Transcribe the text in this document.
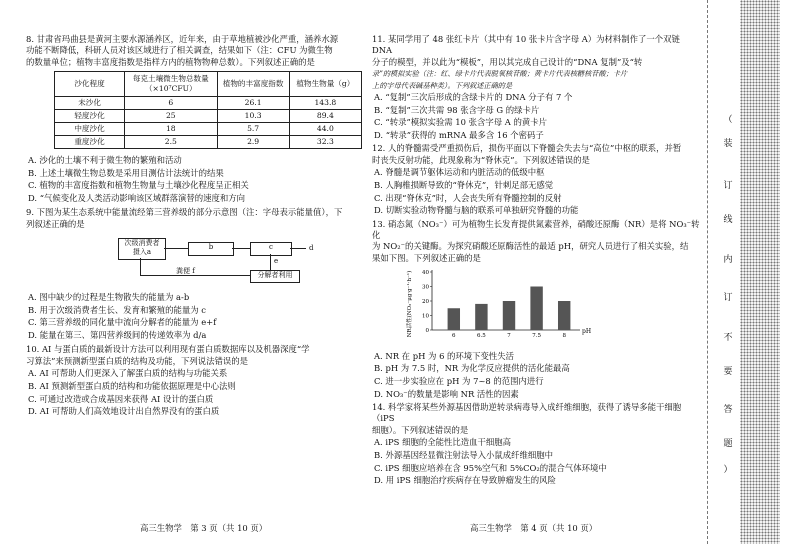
8. 甘肃省玛曲县是黄河主要水源涵养区，近年来，由于草地植被沙化严重，涵养水源
功能不断降低，科研人员对该区域进行了相关调查，结果如下（注：CFU 为微生物
的数量单位；植物丰富度指数是指样方内的植物物种总数）。下列叙述正确的是
沙化程度	每克土壤微生物总数量（×10⁷CFU）	植物的丰富度指数	植物生物量（g）
未沙化	6	26.1	143.8
轻度沙化	25	10.3	89.4
中度沙化	18	5.7	44.0
重度沙化	2.5	2.9	32.3
A. 沙化的土壤不利于微生物的繁殖和活动
B. 上述土壤微生物总数是采用目测估计法统计的结果
C. 植物的丰富度指数和植物生物量与土壤沙化程度呈正相关
D. “气候变化及人类活动影响该区域群落演替的速度和方向
9. 下图为某生态系统中能量流经第三营养级的部分示意图（注：字母表示能量值），下
列叙述正确的是
次级消费者
摄入a
b	c	d
e
分解者利用
粪便 f
A. 图中缺少的过程是生物散失的能量为 a-b
B. 用于次级消费者生长、发育和繁殖的能量为 c
C. 第三营养级的同化量中流向分解者的能量为 e+f
D. 能量在第三、第四营养级间的传递效率为 d/a
10. AI 与蛋白质的最新设计方法可以利用现有蛋白质数据库以及机器深度“学
习算法”来预测新型蛋白质的结构及功能，下列说法错误的是
A. AI 可帮助人们更深入了解蛋白质的结构与功能关系
B. AI 预测新型蛋白质的结构和功能依据原理是中心法则
C. 可通过改造或合成基因来获得 AI 设计的蛋白质
D. AI 可帮助人们高效地设计出自然界没有的蛋白质
11. 某同学用了 48 张红卡片（其中有 10 张卡片含字母 A）为材料制作了一个双链 DNA
分子的模型，并以此为“模板”，用以其完成自己设计的“DNA 复制”及“转
录”的模拟实验（注：红、绿卡片代表脱氧核苷酸；黄卡片代表核糖核苷酸；卡片
上的字母代表碱基种类）。下列叙述正确的是
A. “复制”三次后形成的含绿卡片的 DNA 分子有 7 个
B. “复制”三次共需 98 张含字母 G 的绿卡片
C. “转录”模拟实验需 10 张含字母 A 的黄卡片
D. “转录”获得的 mRNA 最多含 16 个密码子
12. 人的脊髓需受严重损伤后，损伤平面以下脊髓会失去与“高位”中枢的联系，并暂
时丧失反射功能，此现象称为“脊休克”。下列叙述错误的是
A. 脊髓是调节躯体运动和内脏活动的低级中枢
B. 人胸椎损断导致的“脊休克”，针刺足部无感觉
C. 出现“脊休克”时，人会丧失所有脊髓控制的反射
D. 切断实验动物脊髓与脑的联系可单独研究脊髓的功能
13. 硝态氮（NO₃⁻）可为植物生长发育提供氮素营养，硝酸还原酶（NR）是将 NO₃⁻转化
为 NO₂⁻的关键酶。为探究硝酸还原酶活性的最适 pH，研究人员进行了相关实验，结
果如下图。下列叙述正确的是
NR活性(NO₂⁻μg·g⁻¹·h⁻¹) 0
10
20
30
40
6	6.5	7	7.5	8
pH
A. NR 在 pH 为 6 的环境下变性失活
B. pH 为 7.5 时，NR 为化学反应提供的活化能最高
C. 进一步实验应在 pH 为 7~8 的范围内进行
D. NO₃⁻的数量是影响 NR 活性的因素
14. 科学家将某些外源基因借助逆转录病毒导入成纤维细胞，获得了诱导多能干细胞（iPS
细胞）。下列叙述错误的是
A. iPS 细胞的全能性比造血干细胞高
B. 外源基因经显微注射法导入小鼠成纤维细胞中
C. iPS 细胞应培养在含 95%空气和 5%CO₂的混合气体环境中
D. 用 iPS 细胞治疗疾病存在导致肿瘤发生的风险
高三生物学　第 3 页（共 10 页）	高三生物学　第 4 页（共 10 页）
（
装
订
线
内
订
不
要
答
题
）
